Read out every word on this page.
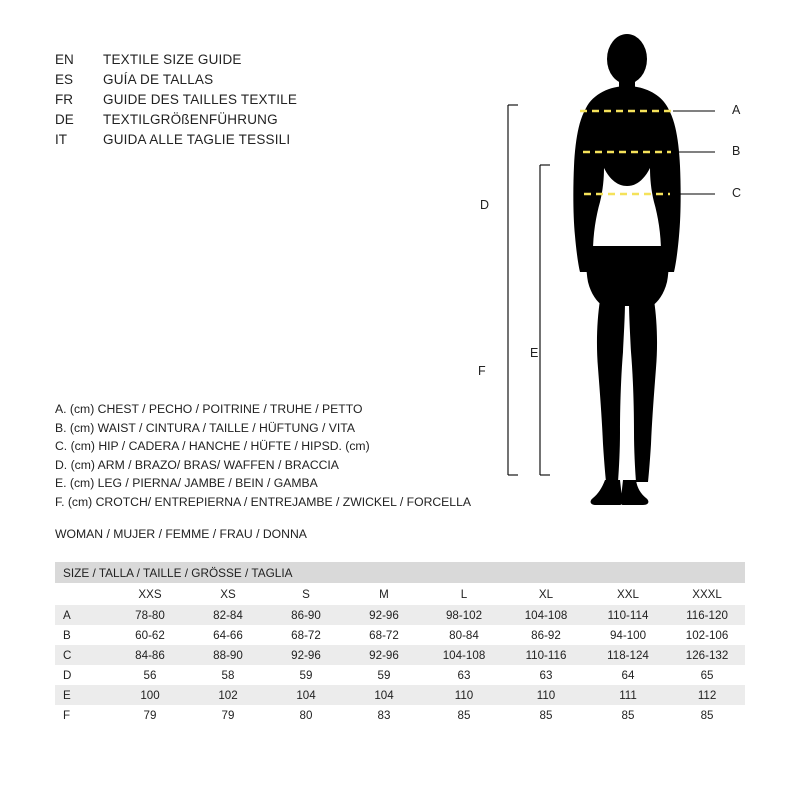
EN	TEXTILE SIZE GUIDE
ES	GUÍA DE TALLAS
FR	GUIDE DES TAILLES TEXTILE
DE	TEXTILGRÖßENFÜHRUNG
IT	GUIDA ALLE TAGLIE TESSILI
A
B
C
D
F
E
A. (cm) CHEST / PECHO / POITRINE / TRUHE / PETTO
B. (cm) WAIST / CINTURA / TAILLE / HÜFTUNG / VITA
C. (cm) HIP / CADERA / HANCHE / HÜFTE / HIPSD. (cm)
D. (cm) ARM / BRAZO/ BRAS/ WAFFEN / BRACCIA
E. (cm) LEG / PIERNA/ JAMBE / BEIN / GAMBA
F. (cm) CROTCH/ ENTREPIERNA / ENTREJAMBE / ZWICKEL / FORCELLA
WOMAN / MUJER / FEMME / FRAU / DONNA
SIZE / TALLA / TAILLE / GRÖSSE / TAGLIA								
	XXS	XS	S	M	L	XL	XXL	XXXL
A	78-80	82-84	86-90	92-96	98-102	104-108	110-114	116-120
B	60-62	64-66	68-72	68-72	80-84	86-92	94-100	102-106
C	84-86	88-90	92-96	92-96	104-108	110-116	118-124	126-132
D	56	58	59	59	63	63	64	65
E	100	102	104	104	110	110	111	112
F	79	79	80	83	85	85	85	85
